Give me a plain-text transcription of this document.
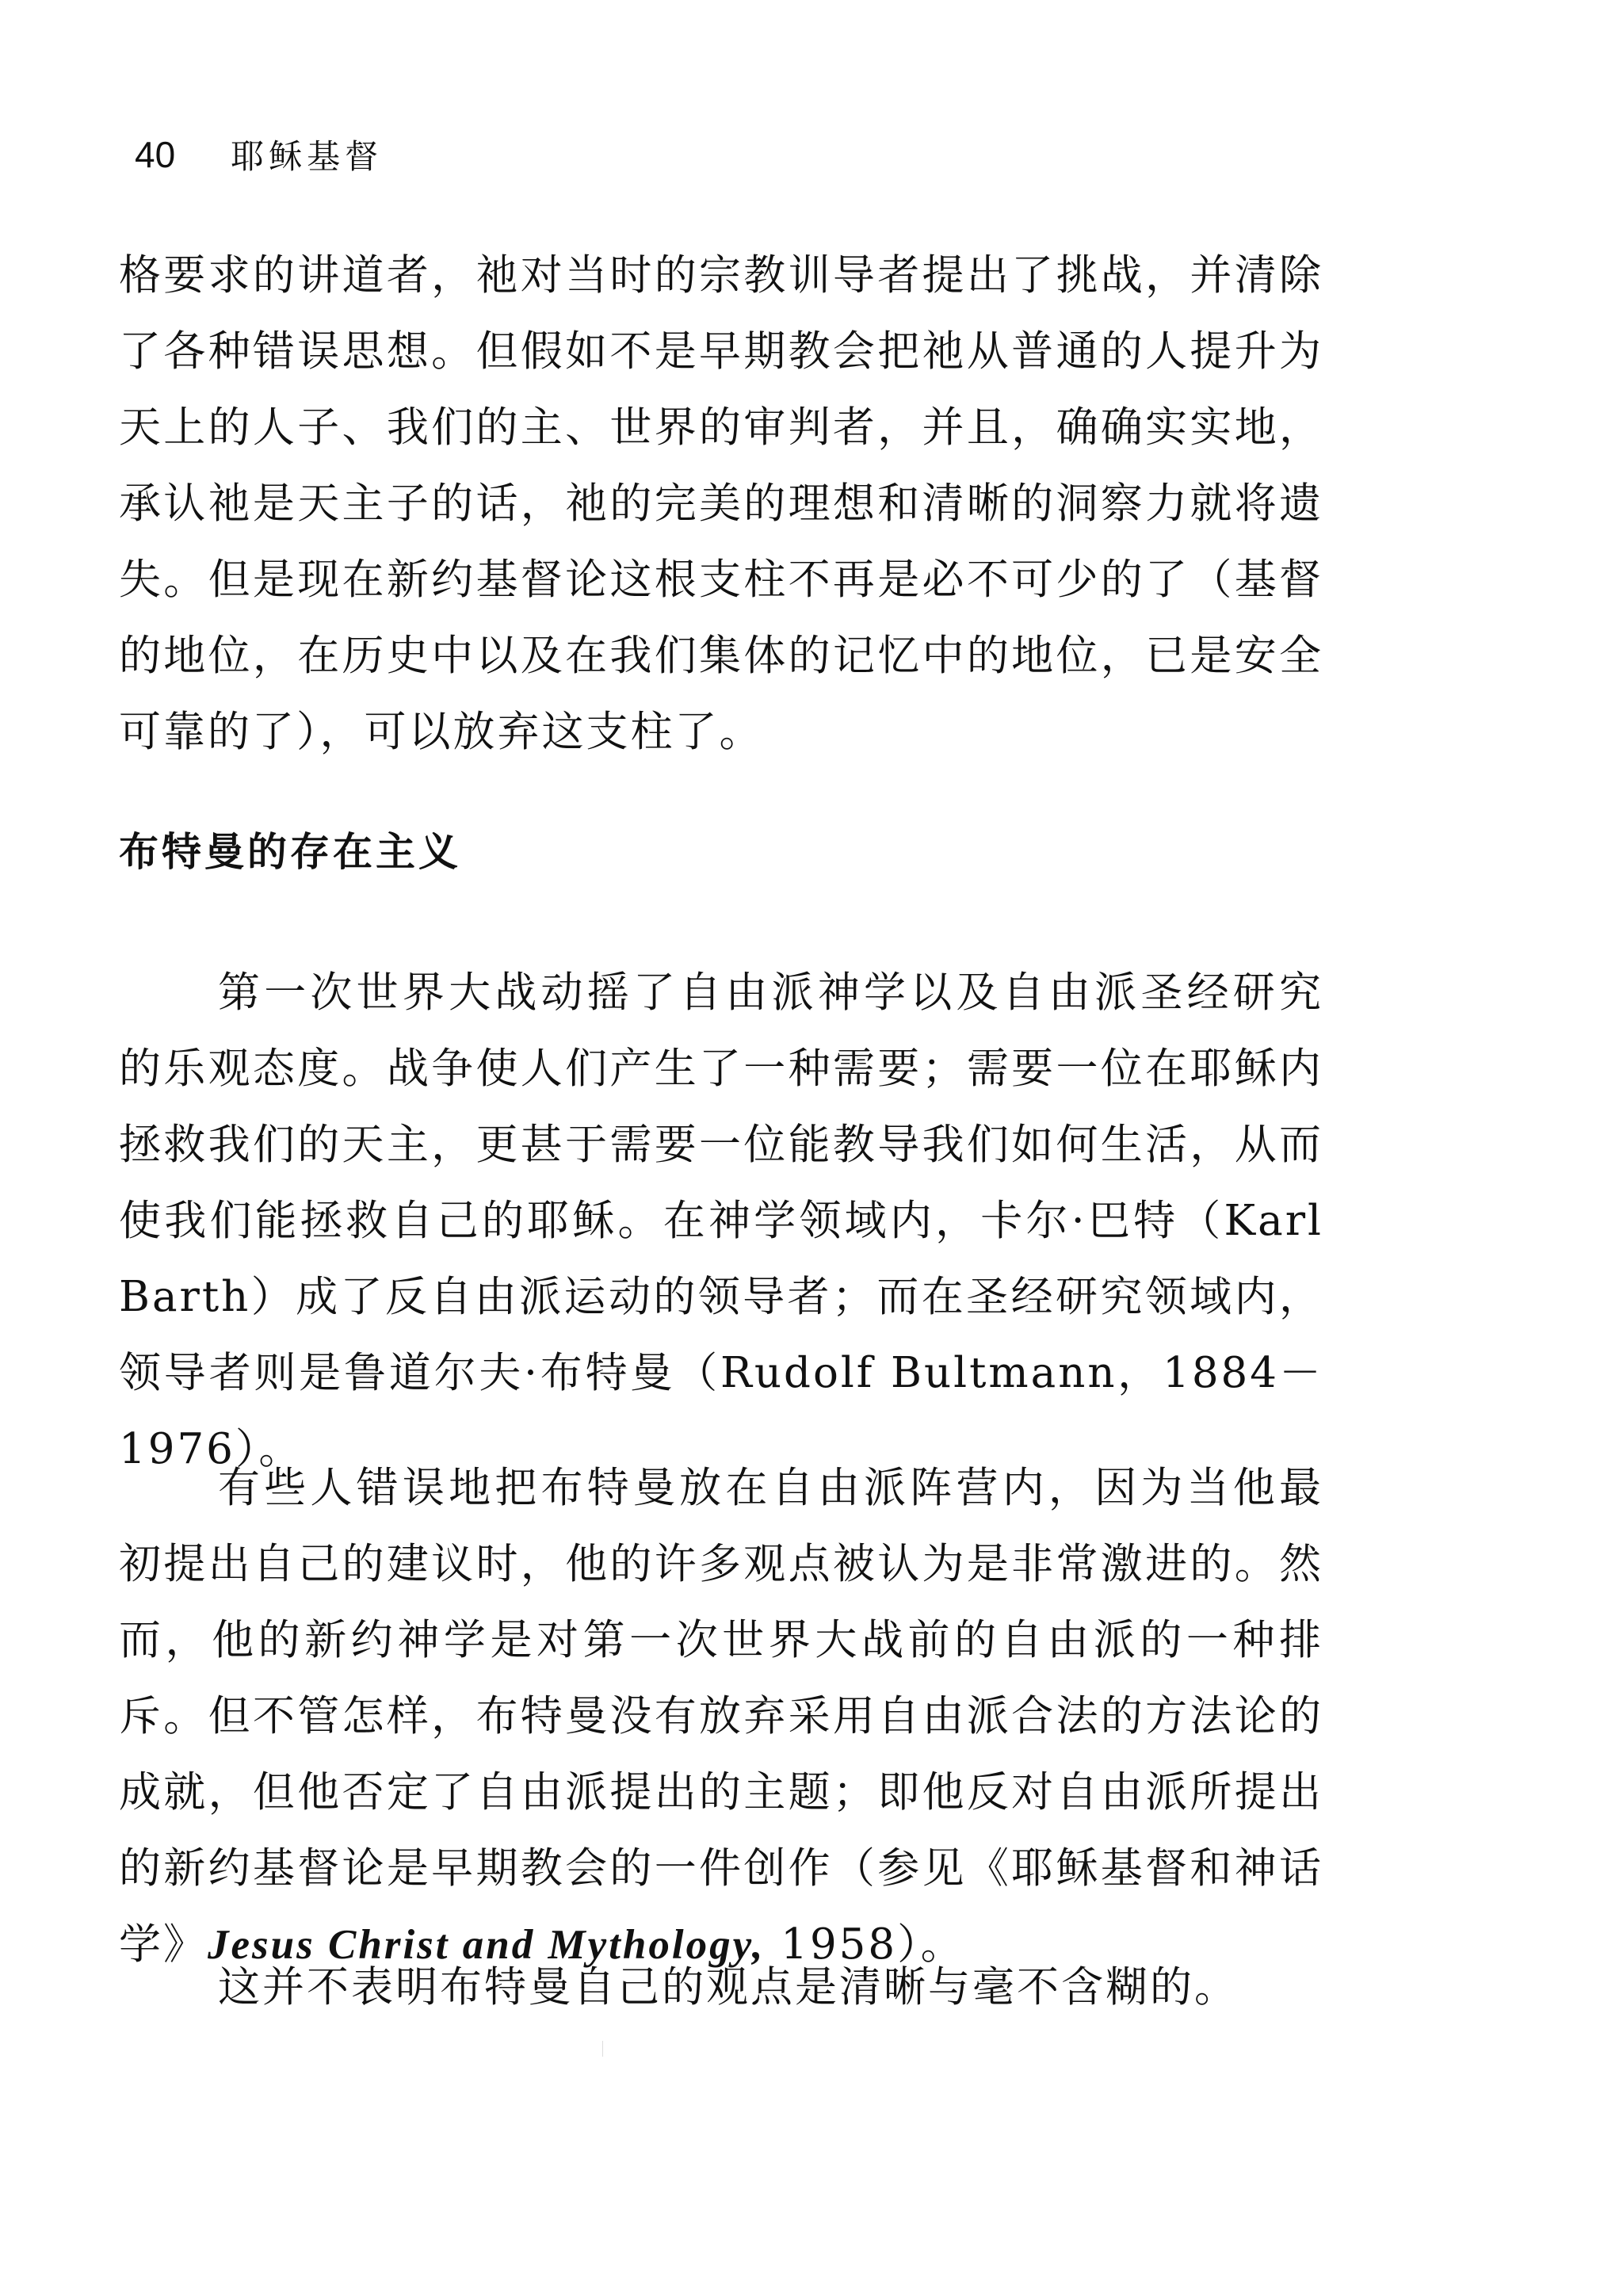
40 耶稣基督

格要求的讲道者，祂对当时的宗教训导者提出了挑战，并清除了各种错误思想。但假如不是早期教会把祂从普通的人提升为天上的人子、我们的主、世界的审判者，并且，确确实实地，承认祂是天主子的话，祂的完美的理想和清晰的洞察力就将遗失。但是现在新约基督论这根支柱不再是必不可少的了（基督的地位，在历史中以及在我们集体的记忆中的地位，已是安全可靠的了），可以放弃这支柱了。

布特曼的存在主义

第一次世界大战动摇了自由派神学以及自由派圣经研究的乐观态度。战争使人们产生了一种需要；需要一位在耶稣内拯救我们的天主，更甚于需要一位能教导我们如何生活，从而使我们能拯救自己的耶稣。在神学领域内，卡尔·巴特（Karl Barth）成了反自由派运动的领导者；而在圣经研究领域内，领导者则是鲁道尔夫·布特曼（Rudolf Bultmann，1884－1976）。

有些人错误地把布特曼放在自由派阵营内，因为当他最初提出自己的建议时，他的许多观点被认为是非常激进的。然而，他的新约神学是对第一次世界大战前的自由派的一种排斥。但不管怎样，布特曼没有放弃采用自由派合法的方法论的成就，但他否定了自由派提出的主题；即他反对自由派所提出的新约基督论是早期教会的一件创作（参见《耶稣基督和神话学》Jesus Christ and Mythology, 1958）。

这并不表明布特曼自己的观点是清晰与毫不含糊的。
